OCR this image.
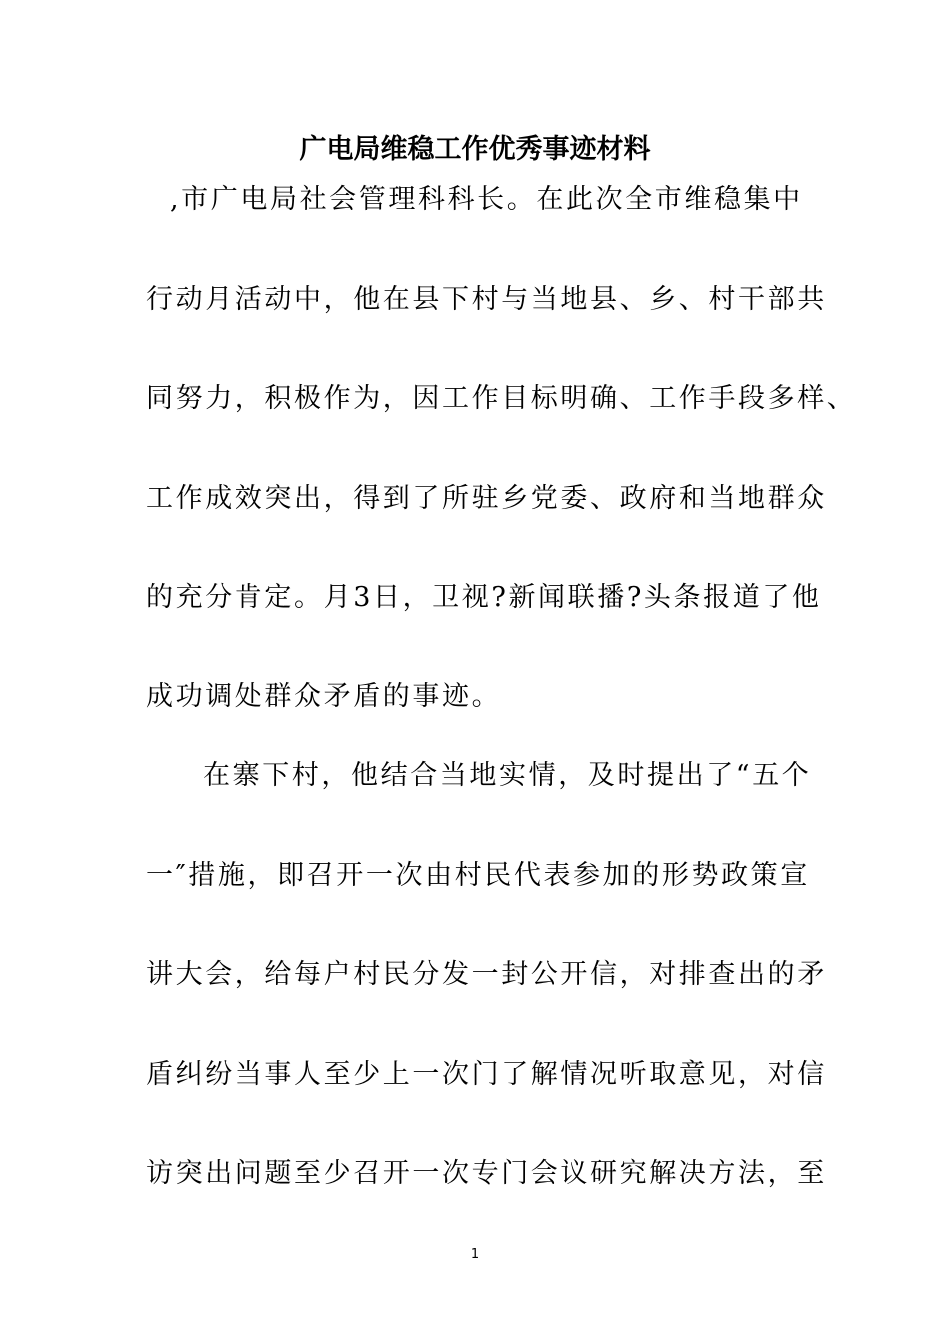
广电局维稳工作优秀事迹材料

,市广电局社会管理科科长。在此次全市维稳集中

行动月活动中，他在县下村与当地县、乡、村干部共

同努力，积极作为，因工作目标明确、工作手段多样、

工作成效突出，得到了所驻乡党委、政府和当地群众

的充分肯定。月3日，卫视?新闻联播?头条报道了他

成功调处群众矛盾的事迹。

在寨下村，他结合当地实情，及时提出了“五个

一″措施，即召开一次由村民代表参加的形势政策宣

讲大会，给每户村民分发一封公开信，对排查出的矛

盾纠纷当事人至少上一次门了解情况听取意见，对信

访突出问题至少召开一次专门会议研究解决方法，至

1
